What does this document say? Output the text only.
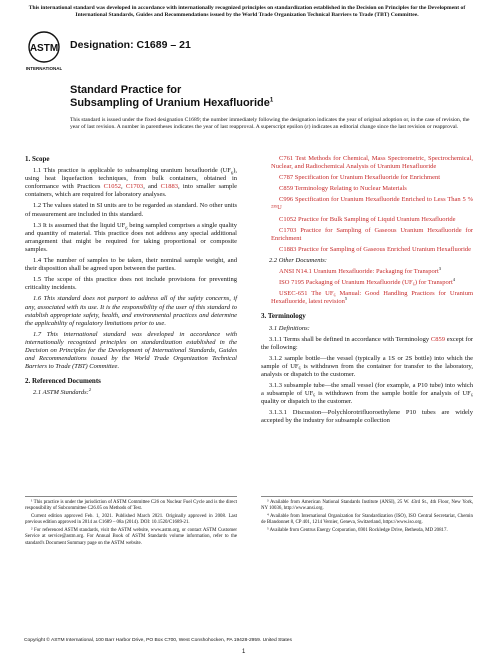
This international standard was developed in accordance with internationally recognized principles on standardization established in the Decision on Principles for the Development of International Standards, Guides and Recommendations issued by the World Trade Organization Technical Barriers to Trade (TBT) Committee.
ASTM
INTERNATIONAL
Designation: C1689 – 21
Standard Practice for
Subsampling of Uranium Hexafluoride$^1$
This standard is issued under the fixed designation C1689; the number immediately following the designation indicates the year of original adoption or, in the case of revision, the year of last revision. A number in parentheses indicates the year of last reapproval. A superscript epsilon (ε) indicates an editorial change since the last revision or reapproval.
1. Scope

1.1 This practice is applicable to subsampling uranium hexafluoride $(UF_6)$, using heat liquefaction techniques, from bulk containers, obtained in conformance with Practices C1052, C1703, and C1883, into smaller sample containers, which are required for laboratory analyses.

1.2 The values stated in SI units are to be regarded as standard. No other units of measurement are included in this standard.

1.3 It is assumed that the liquid $UF_6$ being sampled comprises a single quality and quantity of material. This practice does not address any special additional arrangement that might be required for taking proportional or composite samples.

1.4 The number of samples to be taken, their nominal sample weight, and their disposition shall be agreed upon between the parties.

1.5 The scope of this practice does not include provisions for preventing criticality incidents.

1.6 This standard does not purport to address all of the safety concerns, if any, associated with its use. It is the responsibility of the user of this standard to establish appropriate safety, health, and environmental practices and determine the applicability of regulatory limitations prior to use.

1.7 This international standard was developed in accordance with internationally recognized principles on standardization established in the Decision on Principles for the Development of International Standards, Guides and Recommendations issued by the World Trade Organization Technical Barriers to Trade (TBT) Committee.

2. Referenced Documents

2.1 ASTM Standards:$^2$

C761 Test Methods for Chemical, Mass Spectrometric, Spectrochemical, Nuclear, and Radiochemical Analysis of Uranium Hexafluoride

C787 Specification for Uranium Hexafluoride for Enrichment

C859 Terminology Relating to Nuclear Materials

C996 Specification for Uranium Hexafluoride Enriched to Less Than 5 % ²³⁵U

C1052 Practice for Bulk Sampling of Liquid Uranium Hexafluoride

C1703 Practice for Sampling of Gaseous Uranium Hexafluoride for Enrichment

C1883 Practice for Sampling of Gaseous Enriched Uranium Hexafluoride

2.2 Other Documents:

ANSI N14.1 Uranium Hexafluoride: Packaging for Transport$^3$

ISO 7195 Packaging of Uranium Hexafluoride (UF₆) for Transport$^4$

USEC-651 The UF₆ Manual: Good Handling Practices for Uranium Hexafluoride, latest revision$^5$

3. Terminology

3.1 Definitions:

3.1.1 Terms shall be defined in accordance with Terminology C859 except for the following:

3.1.2 sample bottle—the vessel (typically a 1S or 2S bottle) into which the sample of UF₆ is withdrawn from the container for transfer to the laboratory, analysis or dispatch to the customer.

3.1.3 subsample tube—the small vessel (for example, a P10 tube) into which a subsample of UF₆ is withdrawn from the sample bottle for analysis of UF₆ quality or dispatch to the customer.

3.1.3.1 Discussion—Polychlorotrifluoroethylene P10 tubes are widely accepted by the industry for subsample collection

¹ This practice is under the jurisdiction of ASTM Committee C26 on Nuclear Fuel Cycle and is the direct responsibility of Subcommittee C26.05 on Methods of Test.

Current edition approved Feb. 1, 2021. Published March 2021. Originally approved in 2008. Last previous edition approved in 2014 as C1689 – 08a (2014). DOI: 10.1520/C1689-21.

² For referenced ASTM standards, visit the ASTM website, www.astm.org, or contact ASTM Customer Service at service@astm.org. For Annual Book of ASTM Standards volume information, refer to the standard's Document Summary page on the ASTM website.

³ Available from American National Standards Institute (ANSI), 25 W. 43rd St., 4th Floor, New York, NY 10036, http://www.ansi.org.

⁴ Available from International Organization for Standardization (ISO), ISO Central Secretariat, Chemin de Blandonnet 8, CP 401, 1214 Vernier, Geneva, Switzerland, https://www.iso.org.

⁵ Available from Centrus Energy Corporation, 6901 Rockledge Drive, Bethesda, MD 20817.

Copyright © ASTM International, 100 Barr Harbor Drive, PO Box C700, West Conshohocken, PA 19428-2959. United States
1
